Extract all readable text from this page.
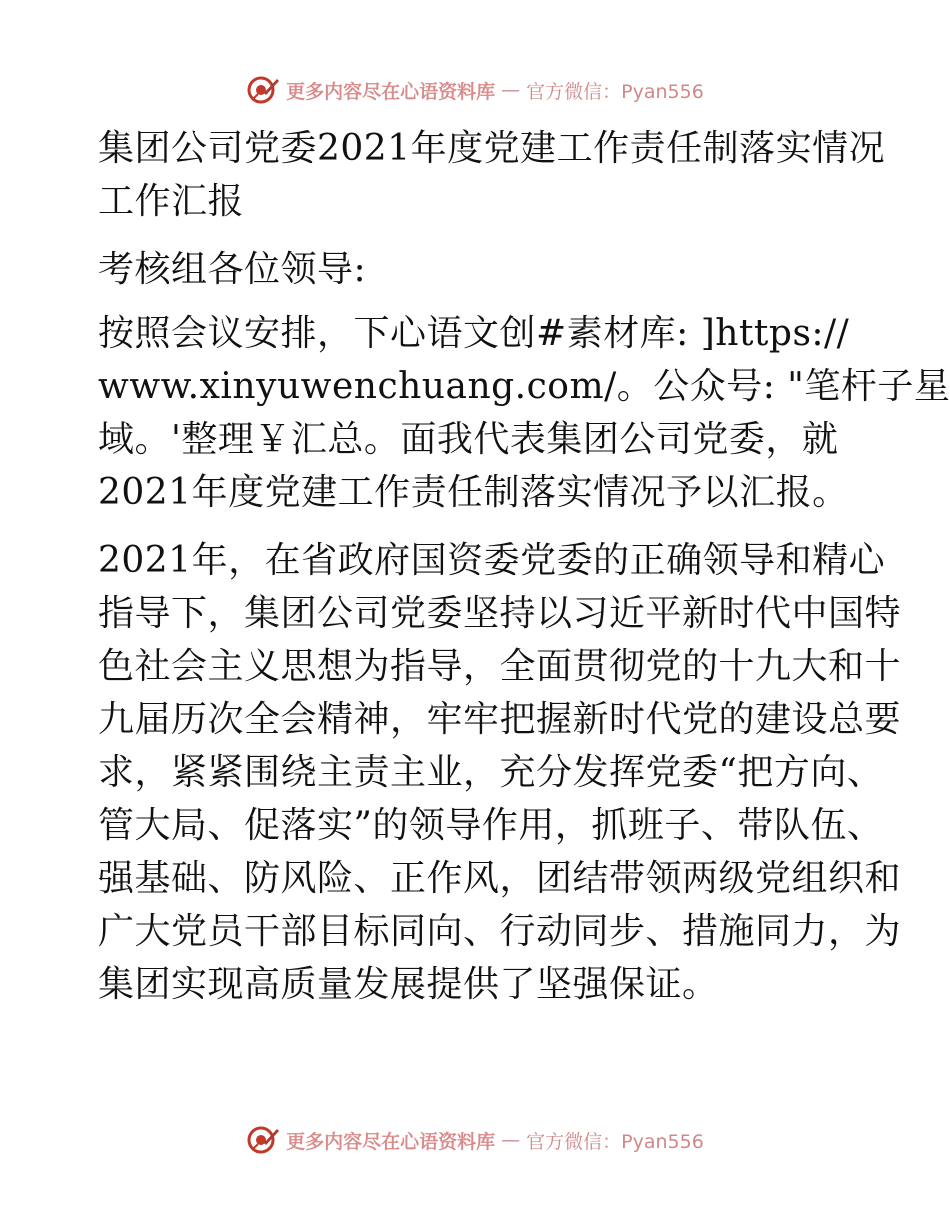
更多内容尽在心语资料库 — 官方微信：Pyan556
集团公司党委2021年度党建工作责任制落实情况
工作汇报
考核组各位领导:
按照会议安排，下心语文创#素材库: ]https://
www.xinyuwenchuang.com/。公众号: "笔杆子星
域。'整理￥汇总。面我代表集团公司党委，就
2021年度党建工作责任制落实情况予以汇报。
2021年，在省政府国资委党委的正确领导和精心
指导下，集团公司党委坚持以习近平新时代中国特
色社会主义思想为指导，全面贯彻党的十九大和十
九届历次全会精神，牢牢把握新时代党的建设总要
求，紧紧围绕主责主业，充分发挥党委“把方向、
管大局、促落实”的领导作用，抓班子、带队伍、
强基础、防风险、正作风，团结带领两级党组织和
广大党员干部目标同向、行动同步、措施同力，为
集团实现高质量发展提供了坚强保证。
更多内容尽在心语资料库 — 官方微信：Pyan556
